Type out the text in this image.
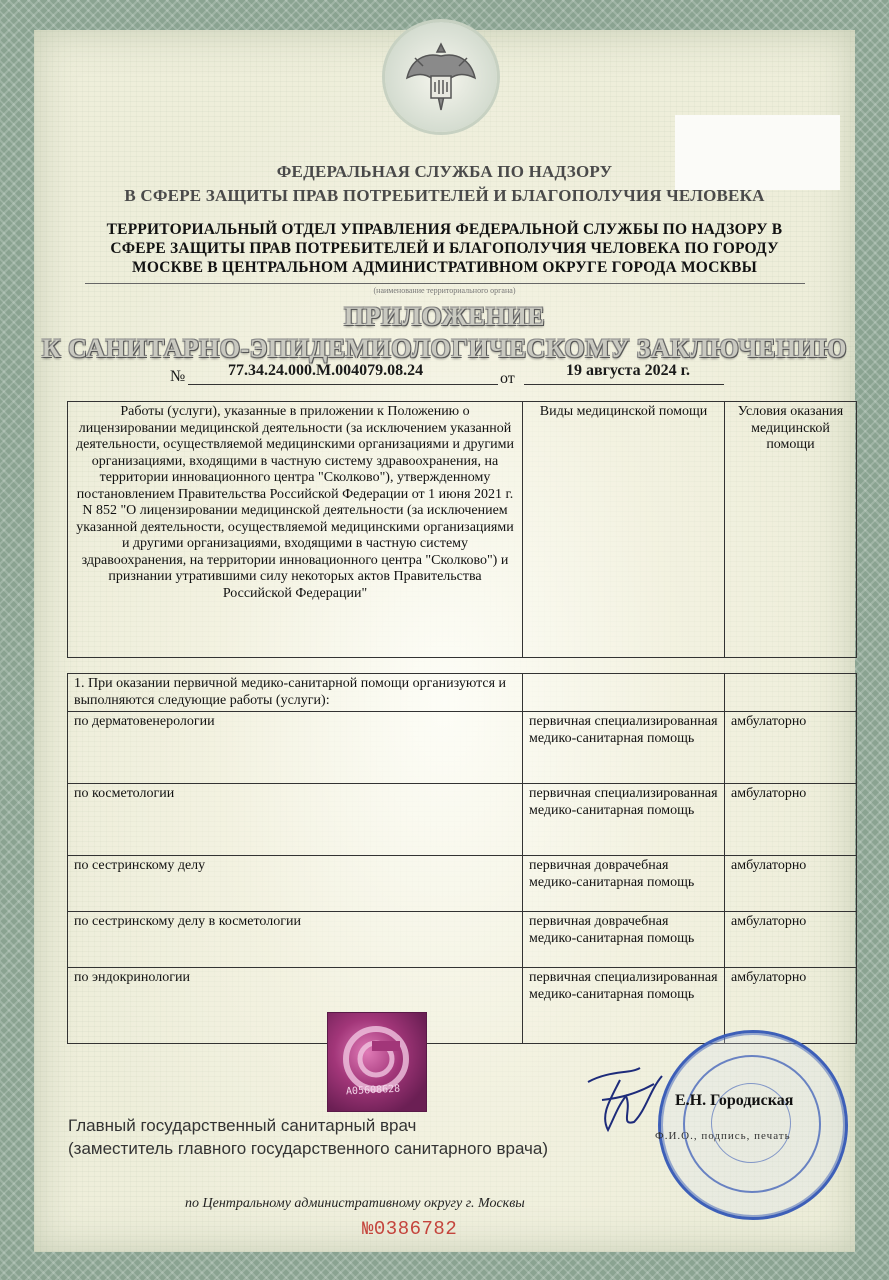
ФЕДЕРАЛЬНАЯ СЛУЖБА ПО НАДЗОРУ
В СФЕРЕ ЗАЩИТЫ ПРАВ ПОТРЕБИТЕЛЕЙ И БЛАГОПОЛУЧИЯ ЧЕЛОВЕКА
ТЕРРИТОРИАЛЬНЫЙ ОТДЕЛ УПРАВЛЕНИЯ ФЕДЕРАЛЬНОЙ СЛУЖБЫ ПО НАДЗОРУ В
СФЕРЕ ЗАЩИТЫ ПРАВ ПОТРЕБИТЕЛЕЙ И БЛАГОПОЛУЧИЯ ЧЕЛОВЕКА ПО ГОРОДУ
МОСКВЕ В ЦЕНТРАЛЬНОМ АДМИНИСТРАТИВНОМ ОКРУГЕ ГОРОДА МОСКВЫ
(наименование территориального органа)
ПРИЛОЖЕНИЕ
К САНИТАРНО-ЭПИДЕМИОЛОГИЧЕСКОМУ ЗАКЛЮЧЕНИЮ
№	77.34.24.000.М.004079.08.24	от	19 августа 2024 г.
Работы (услуги), указанные в приложении к Положению о лицензировании медицинской деятельности (за исключением указанной деятельности, осуществляемой медицинскими организациями и другими организациями, входящими в частную систему здравоохранения, на территории инновационного центра "Сколково"), утвержденному постановлением Правительства Российской Федерации от 1 июня 2021 г. N 852 "О лицензировании медицинской деятельности (за исключением указанной деятельности, осуществляемой медицинскими организациями и другими организациями, входящими в частную систему здравоохранения, на территории инновационного центра "Сколково") и признании утратившими силу некоторых актов Правительства Российской Федерации"	Виды медицинской помощи	Условия оказания медицинской помощи
1. При оказании первичной медико-санитарной помощи организуются и выполняются следующие работы (услуги):		
по дерматовенерологии	первичная специализированная медико-санитарная помощь	амбулаторно
по косметологии	первичная специализированная медико-санитарная помощь	амбулаторно
по сестринскому делу	первичная доврачебная медико-санитарная помощь	амбулаторно
по сестринскому делу в косметологии	первичная доврачебная медико-санитарная помощь	амбулаторно
по эндокринологии	первичная специализированная медико-санитарная помощь	амбулаторно
A05608628
Е.Н. Городиская
Ф.И.О., подпись, печать
Главный государственный санитарный врач
(заместитель главного государственного санитарного врача)
по Центральному административному округу г. Москвы
№0386782
